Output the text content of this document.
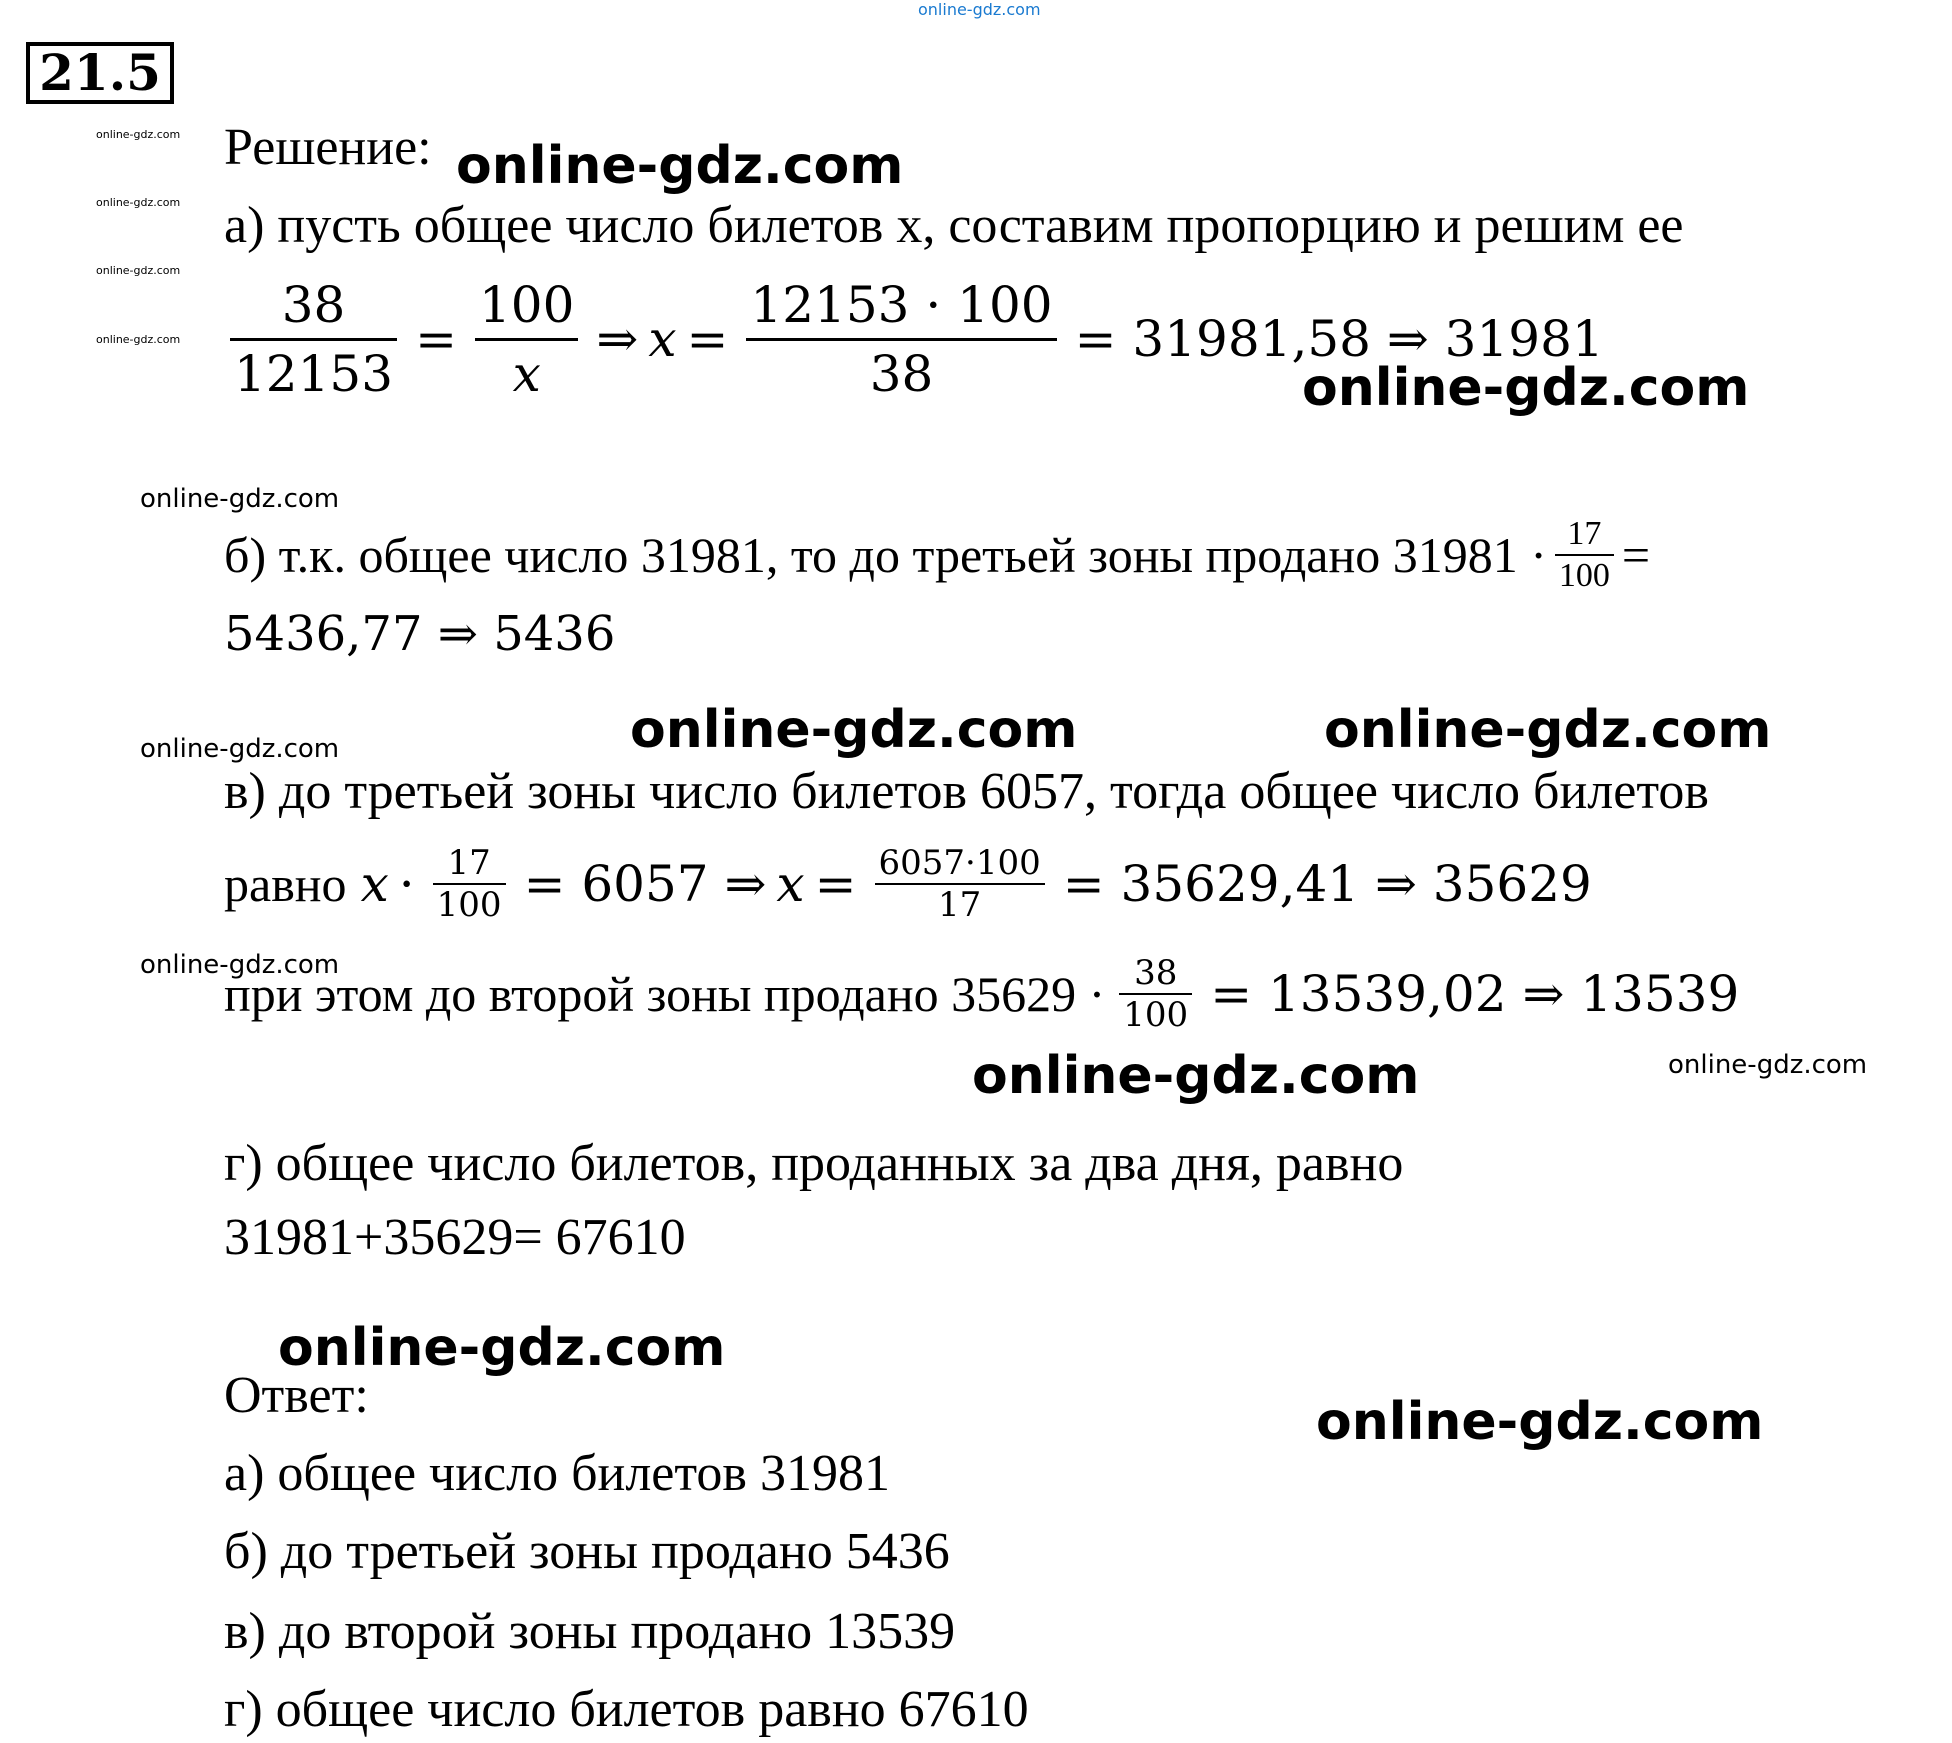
online-gdz.com
21.5
online-gdz.com
online-gdz.com
online-gdz.com
online-gdz.com
Решение: online-gdz.com
а) пусть общее число билетов x, составим пропорцию и решим ее
$\frac{38}{12153} = \frac{100}{x}$ ⇒ $x = \frac{12153 \cdot 100}{38} = 31981,58$ ⇒ 31981
online-gdz.com
online-gdz.com
б) т.к. общее число 31981, то до третьей зоны продано $31981 \cdot \frac{17}{100}$ =
5436,77 ⇒ 5436
online-gdz.com	online-gdz.com
online-gdz.com
в) до третьей зоны число билетов 6057, тогда общее число билетов
равно $x \cdot \frac{17}{100} = 6057$ ⇒ $x = \frac{6057\cdot 100}{17} = 35629,41$ ⇒ 35629
online-gdz.com
при этом до второй зоны продано $35629 \cdot \frac{38}{100} = 13539,02$ ⇒ 13539
online-gdz.com	online-gdz.com
г) общее число билетов, проданных за два дня, равно
31981+35629= 67610
online-gdz.com
Ответ:	online-gdz.com
а) общее число билетов 31981
б) до третьей зоны продано 5436
в) до второй зоны продано 13539
г) общее число билетов равно 67610
